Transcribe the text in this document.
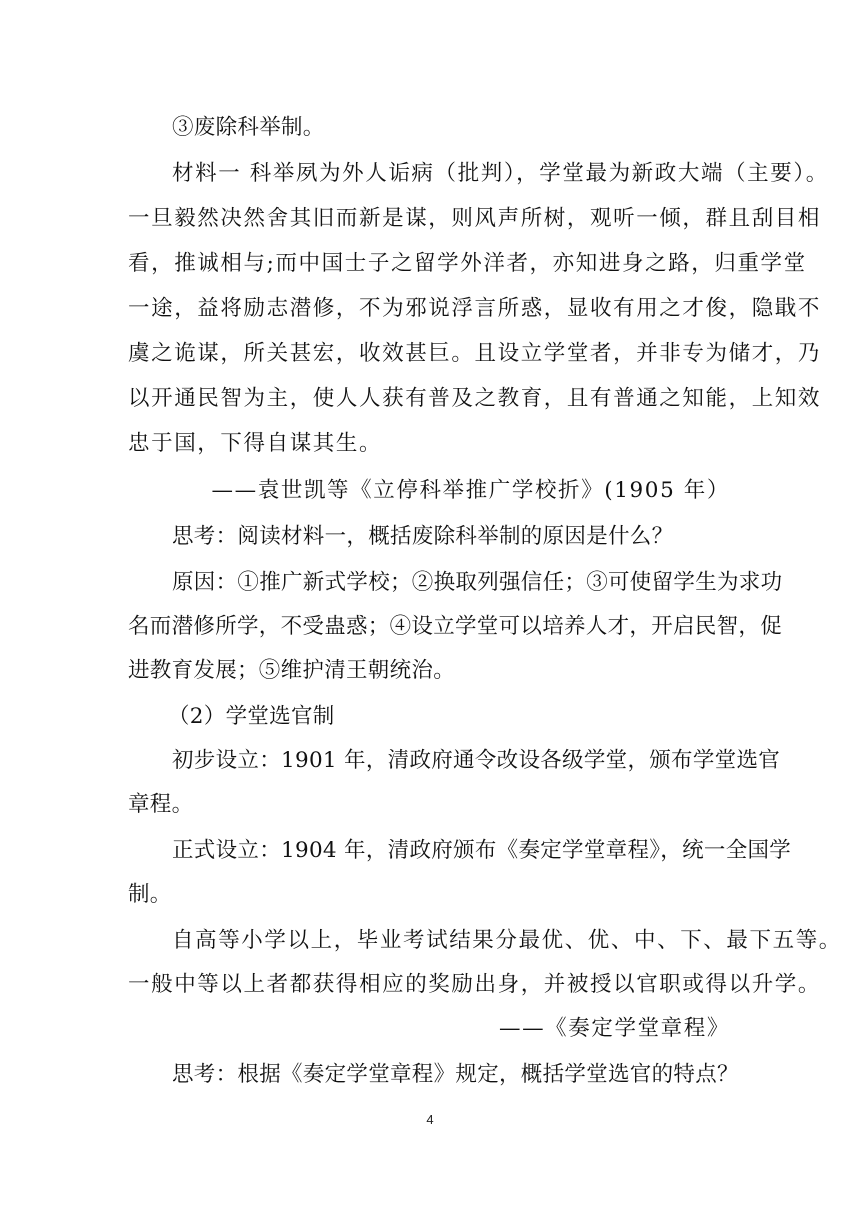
③废除科举制。
材料一 科举夙为外人诟病（批判），学堂最为新政大端（主要）。
一旦毅然决然舍其旧而新是谋，则风声所树，观听一倾，群且刮目相
看，推诚相与;而中国士子之留学外洋者，亦知进身之路，归重学堂
一途，益将励志潜修，不为邪说浮言所惑，显收有用之才俊，隐戢不
虞之诡谋，所关甚宏，收效甚巨。且设立学堂者，并非专为储才，乃
以开通民智为主，使人人获有普及之教育，且有普通之知能，上知效
忠于国，下得自谋其生。
——袁世凯等《立停科举推广学校折》(1905 年）
思考：阅读材料一，概括废除科举制的原因是什么？
原因：①推广新式学校；②换取列强信任；③可使留学生为求功
名而潜修所学，不受蛊惑；④设立学堂可以培养人才，开启民智，促
进教育发展；⑤维护清王朝统治。
（2）学堂选官制
初步设立：1901 年，清政府通令改设各级学堂，颁布学堂选官
章程。
正式设立：1904 年，清政府颁布《奏定学堂章程》，统一全国学
制。
自高等小学以上，毕业考试结果分最优、优、中、下、最下五等。
一般中等以上者都获得相应的奖励出身，并被授以官职或得以升学。
——《奏定学堂章程》
思考：根据《奏定学堂章程》规定，概括学堂选官的特点？
4
